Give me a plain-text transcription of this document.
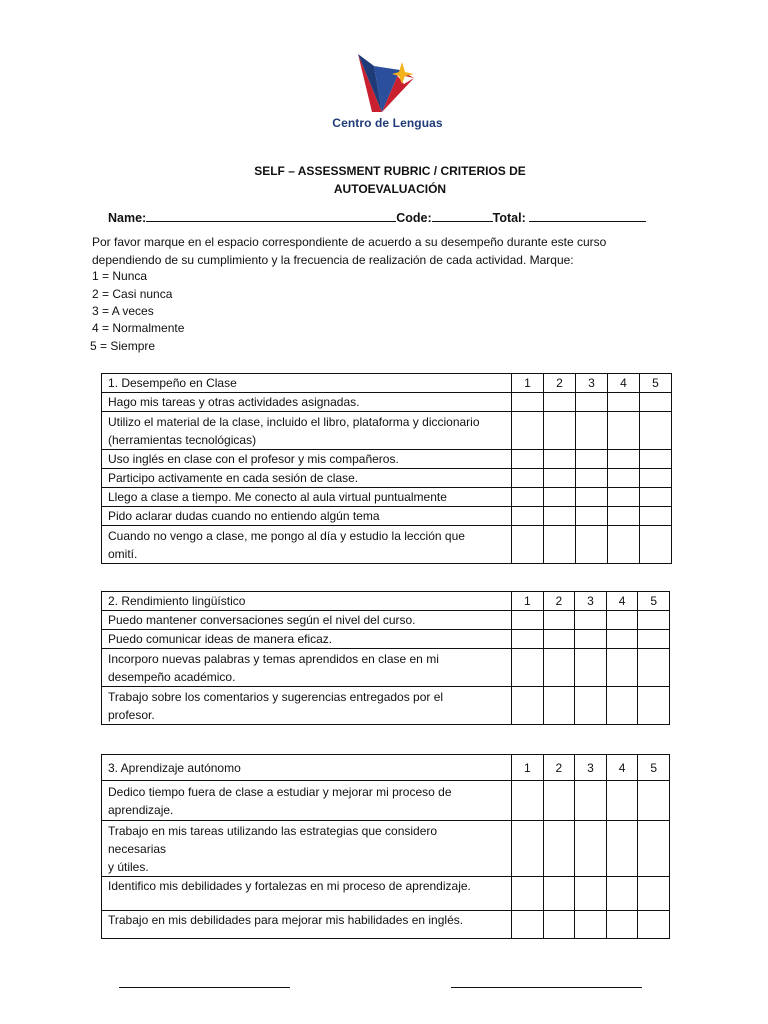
Centro de Lenguas
SELF – ASSESSMENT RUBRIC / CRITERIOS DE
AUTOEVALUACIÓN
Name:	Code:	Total:
Por favor marque en el espacio correspondiente de acuerdo a su desempeño durante este curso
dependiendo de su cumplimiento y la frecuencia de realización de cada actividad. Marque:
1 = Nunca
2 = Casi nunca
3 = A veces
4 = Normalmente
5 = Siempre
1. Desempeño en Clase	1	2	3	4	5

Hago mis tareas y otras actividades asignadas.					

Utilizo el material de la clase, incluido el libro, plataforma y diccionario
(herramientas tecnológicas)					

Uso inglés en clase con el profesor y mis compañeros.					

Participo activamente en cada sesión de clase.					

Llego a clase a tiempo. Me conecto al aula virtual puntualmente					

Pido aclarar dudas cuando no entiendo algún tema					

Cuando no vengo a clase, me pongo al día y estudio la lección que
omití.					

2. Rendimiento lingüístico	1	2	3	4	5

Puedo mantener conversaciones según el nivel del curso.					

Puedo comunicar ideas de manera eficaz.					

Incorporo nuevas palabras y temas aprendidos en clase en mi
desempeño académico.					

Trabajo sobre los comentarios y sugerencias entregados por el
profesor.					

3. Aprendizaje autónomo	1	2	3	4	5

Dedico tiempo fuera de clase a estudiar y mejorar mi proceso de
aprendizaje.					

Trabajo en mis tareas utilizando las estrategias que considero
necesarias
y útiles.					

Identifico mis debilidades y fortalezas en mi proceso de aprendizaje.					

Trabajo en mis debilidades para mejorar mis habilidades en inglés.					
